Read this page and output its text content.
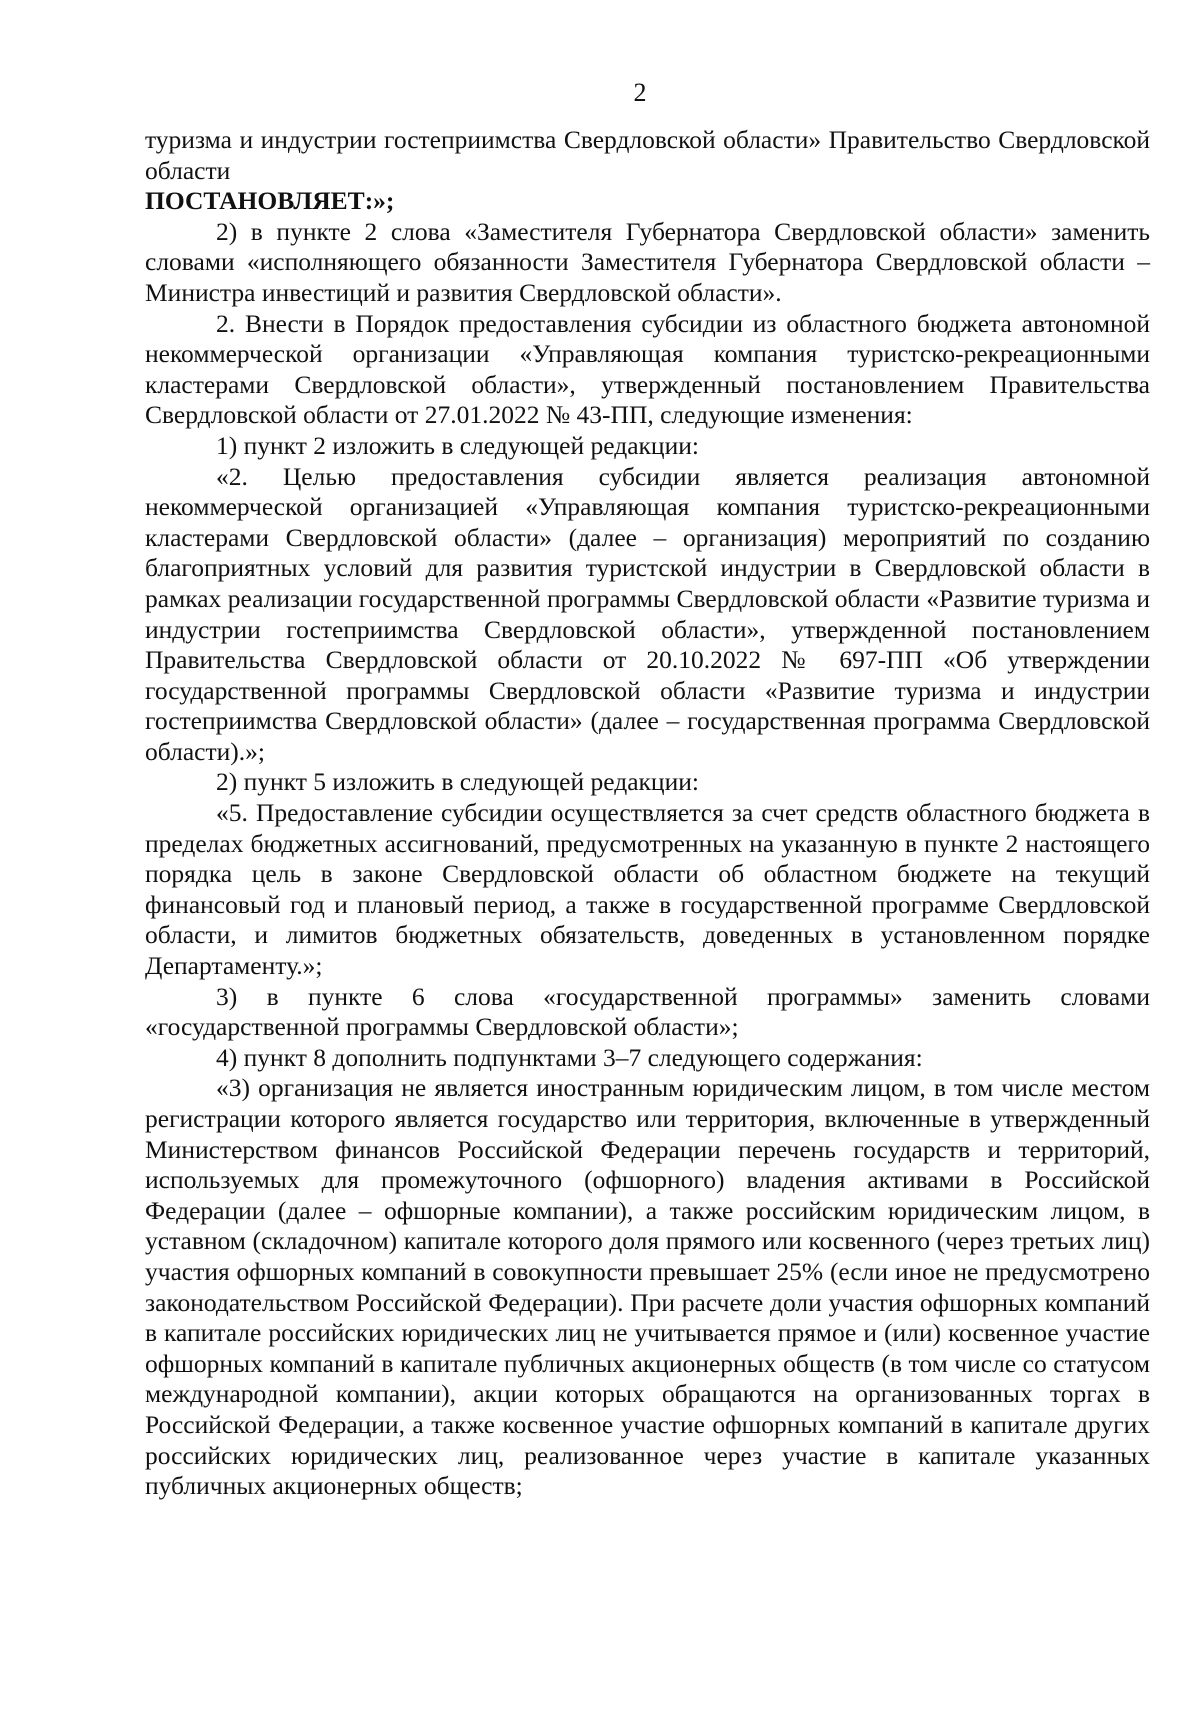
2

туризма и индустрии гостеприимства Свердловской области» Правительство Свердловской области

ПОСТАНОВЛЯЕТ:»;

2) в пункте 2 слова «Заместителя Губернатора Свердловской области» заменить словами «исполняющего обязанности Заместителя Губернатора Свердловской области – Министра инвестиций и развития Свердловской области».

2. Внести в Порядок предоставления субсидии из областного бюджета автономной некоммерческой организации «Управляющая компания туристско-рекреационными кластерами Свердловской области», утвержденный постановлением Правительства Свердловской области от 27.01.2022 № 43-ПП, следующие изменения:

1) пункт 2 изложить в следующей редакции:

«2. Целью предоставления субсидии является реализация автономной некоммерческой организацией «Управляющая компания туристско-рекреационными кластерами Свердловской области» (далее – организация) мероприятий по созданию благоприятных условий для развития туристской индустрии в Свердловской области в рамках реализации государственной программы Свердловской области «Развитие туризма и индустрии гостеприимства Свердловской области», утвержденной постановлением Правительства Свердловской области от 20.10.2022 № 697-ПП «Об утверждении государственной программы Свердловской области «Развитие туризма и индустрии гостеприимства Свердловской области» (далее – государственная программа Свердловской области).»;

2) пункт 5 изложить в следующей редакции:

«5. Предоставление субсидии осуществляется за счет средств областного бюджета в пределах бюджетных ассигнований, предусмотренных на указанную в пункте 2 настоящего порядка цель в законе Свердловской области об областном бюджете на текущий финансовый год и плановый период, а также в государственной программе Свердловской области, и лимитов бюджетных обязательств, доведенных в установленном порядке Департаменту.»;

3) в пункте 6 слова «государственной программы» заменить словами «государственной программы Свердловской области»;

4) пункт 8 дополнить подпунктами 3–7 следующего содержания:

«3) организация не является иностранным юридическим лицом, в том числе местом регистрации которого является государство или территория, включенные в утвержденный Министерством финансов Российской Федерации перечень государств и территорий, используемых для промежуточного (офшорного) владения активами в Российской Федерации (далее – офшорные компании), а также российским юридическим лицом, в уставном (складочном) капитале которого доля прямого или косвенного (через третьих лиц) участия офшорных компаний в совокупности превышает 25% (если иное не предусмотрено законодательством Российской Федерации). При расчете доли участия офшорных компаний в капитале российских юридических лиц не учитывается прямое и (или) косвенное участие офшорных компаний в капитале публичных акционерных обществ (в том числе со статусом международной компании), акции которых обращаются на организованных торгах в Российской Федерации, а также косвенное участие офшорных компаний в капитале других российских юридических лиц, реализованное через участие в капитале указанных публичных акционерных обществ;
